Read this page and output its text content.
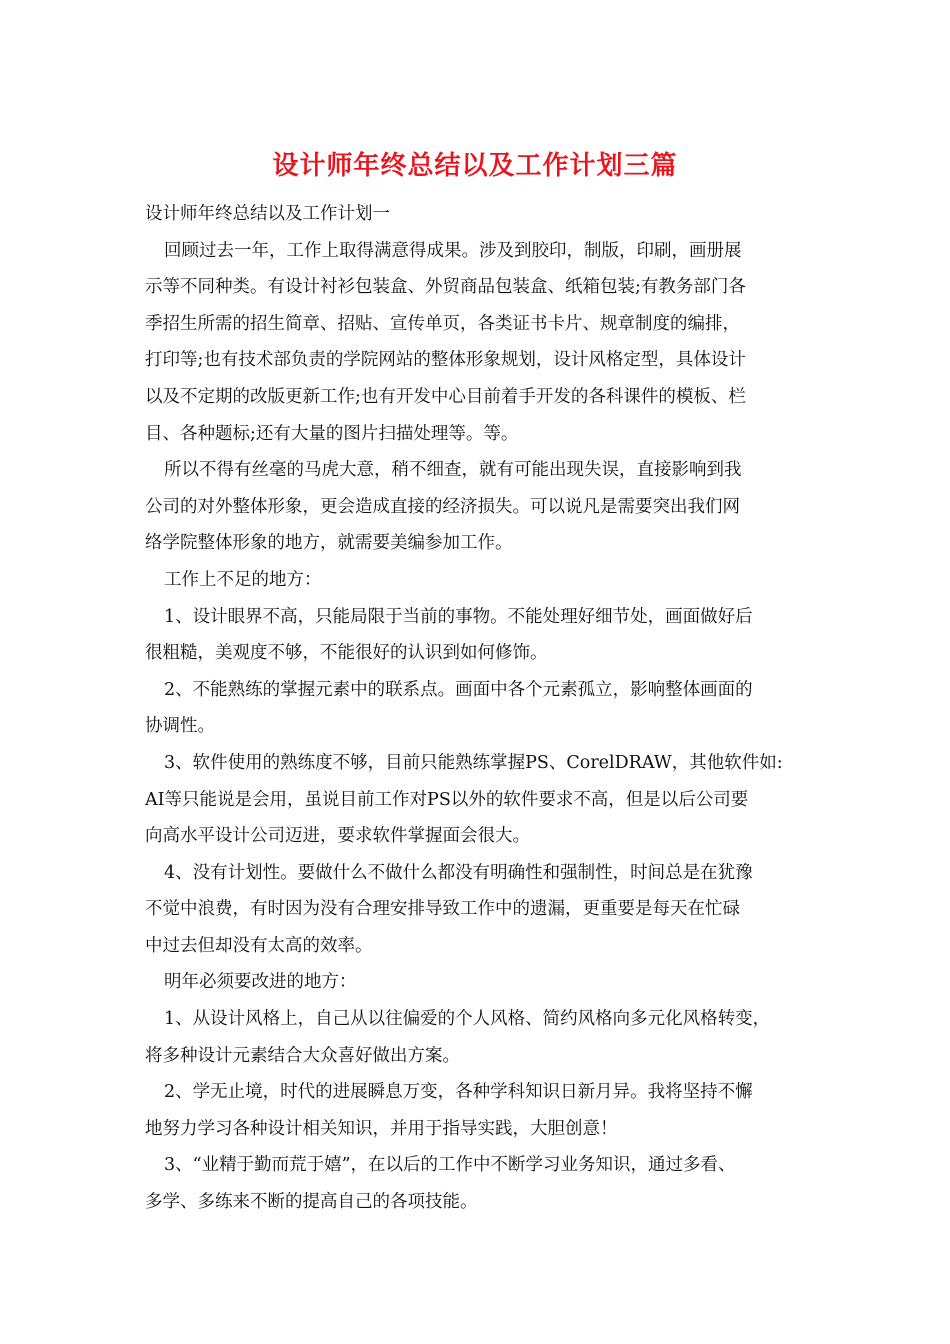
设计师年终总结以及工作计划三篇
设计师年终总结以及工作计划一
回顾过去一年，工作上取得满意得成果。涉及到胶印，制版，印刷，画册展
示等不同种类。有设计衬衫包装盒、外贸商品包装盒、纸箱包装;有教务部门各
季招生所需的招生简章、招贴、宣传单页，各类证书卡片、规章制度的编排，
打印等;也有技术部负责的学院网站的整体形象规划，设计风格定型，具体设计
以及不定期的改版更新工作;也有开发中心目前着手开发的各科课件的模板、栏
目、各种题标;还有大量的图片扫描处理等。等。
所以不得有丝毫的马虎大意，稍不细查，就有可能出现失误，直接影响到我
公司的对外整体形象，更会造成直接的经济损失。可以说凡是需要突出我们网
络学院整体形象的地方，就需要美编参加工作。
工作上不足的地方：
1、设计眼界不高，只能局限于当前的事物。不能处理好细节处，画面做好后
很粗糙，美观度不够，不能很好的认识到如何修饰。
2、不能熟练的掌握元素中的联系点。画面中各个元素孤立，影响整体画面的
协调性。
3、软件使用的熟练度不够，目前只能熟练掌握PS、CorelDRAW，其他软件如:
AI等只能说是会用，虽说目前工作对PS以外的软件要求不高，但是以后公司要
向高水平设计公司迈进，要求软件掌握面会很大。
4、没有计划性。要做什么不做什么都没有明确性和强制性，时间总是在犹豫
不觉中浪费，有时因为没有合理安排导致工作中的遗漏，更重要是每天在忙碌
中过去但却没有太高的效率。
明年必须要改进的地方：
1、从设计风格上，自己从以往偏爱的个人风格、简约风格向多元化风格转变，
将多种设计元素结合大众喜好做出方案。
2、学无止境，时代的进展瞬息万变，各种学科知识日新月异。我将坚持不懈
地努力学习各种设计相关知识，并用于指导实践，大胆创意！
3、“业精于勤而荒于嬉”，在以后的工作中不断学习业务知识，通过多看、
多学、多练来不断的提高自己的各项技能。
